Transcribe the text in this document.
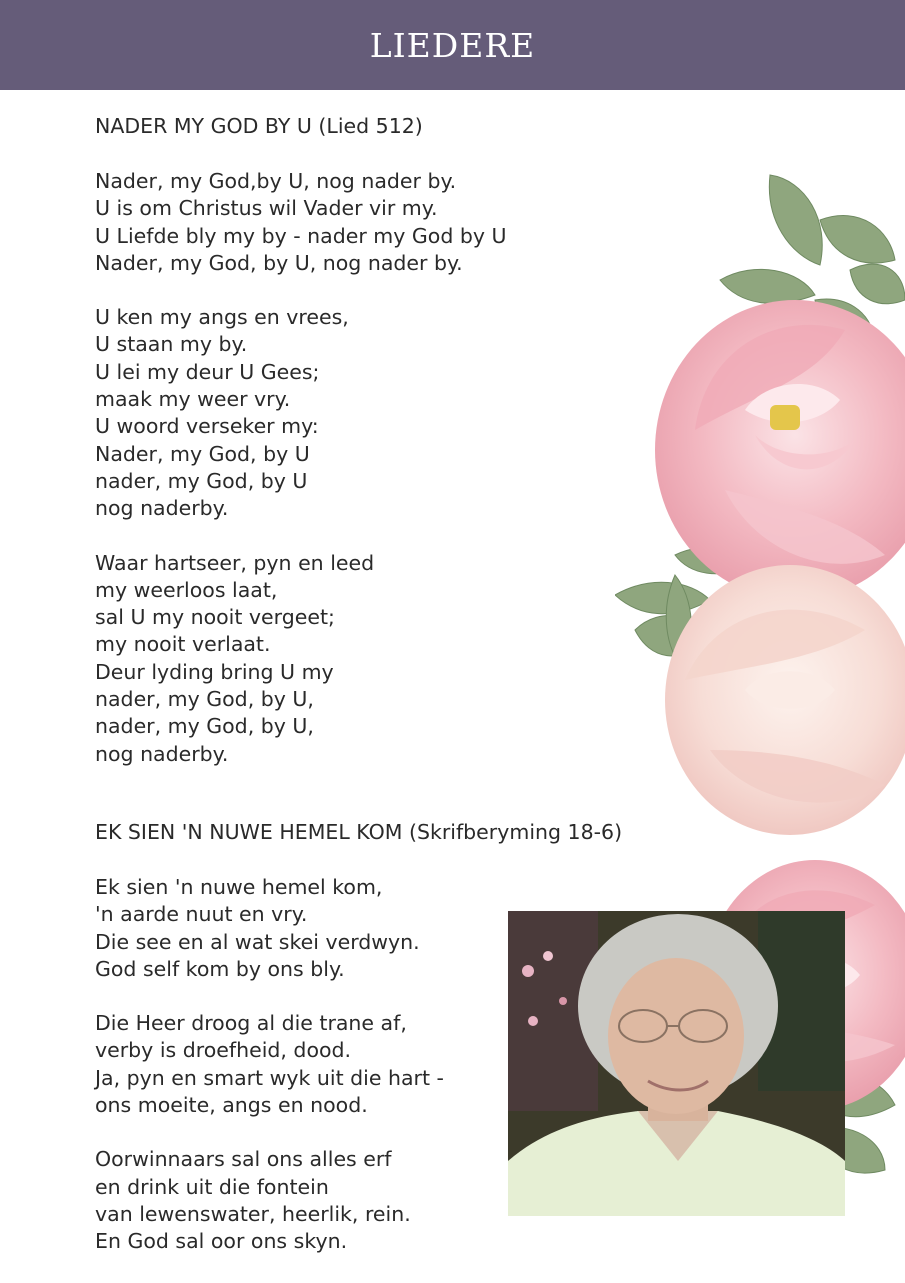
LIEDERE
NADER MY GOD BY U (Lied 512)
Nader, my God,by U, nog nader by.
U is om Christus wil Vader vir my.
U Liefde bly my by - nader my God by U
Nader, my God, by U, nog nader by.
U ken my angs en vrees,
U staan my by.
U lei my deur U Gees;
maak my weer vry.
U woord verseker my:
Nader, my God, by U
nader, my God, by U
nog naderby.
Waar hartseer, pyn en leed
my weerloos laat,
sal U my nooit vergeet;
my nooit verlaat.
Deur lyding bring U my
nader, my God, by U,
nader, my God, by U,
nog naderby.
EK SIEN 'N NUWE HEMEL KOM (Skrifberyming 18-6)
Ek sien 'n nuwe hemel kom,
'n aarde nuut en vry.
Die see en al wat skei verdwyn.
God self kom by ons bly.
Die Heer droog al die trane af,
verby is droefheid, dood.
Ja, pyn en smart wyk uit die hart -
ons moeite, angs en nood.
Oorwinnaars sal ons alles erf
en drink uit die fontein
van lewenswater, heerlik, rein.
En God sal oor ons skyn.
